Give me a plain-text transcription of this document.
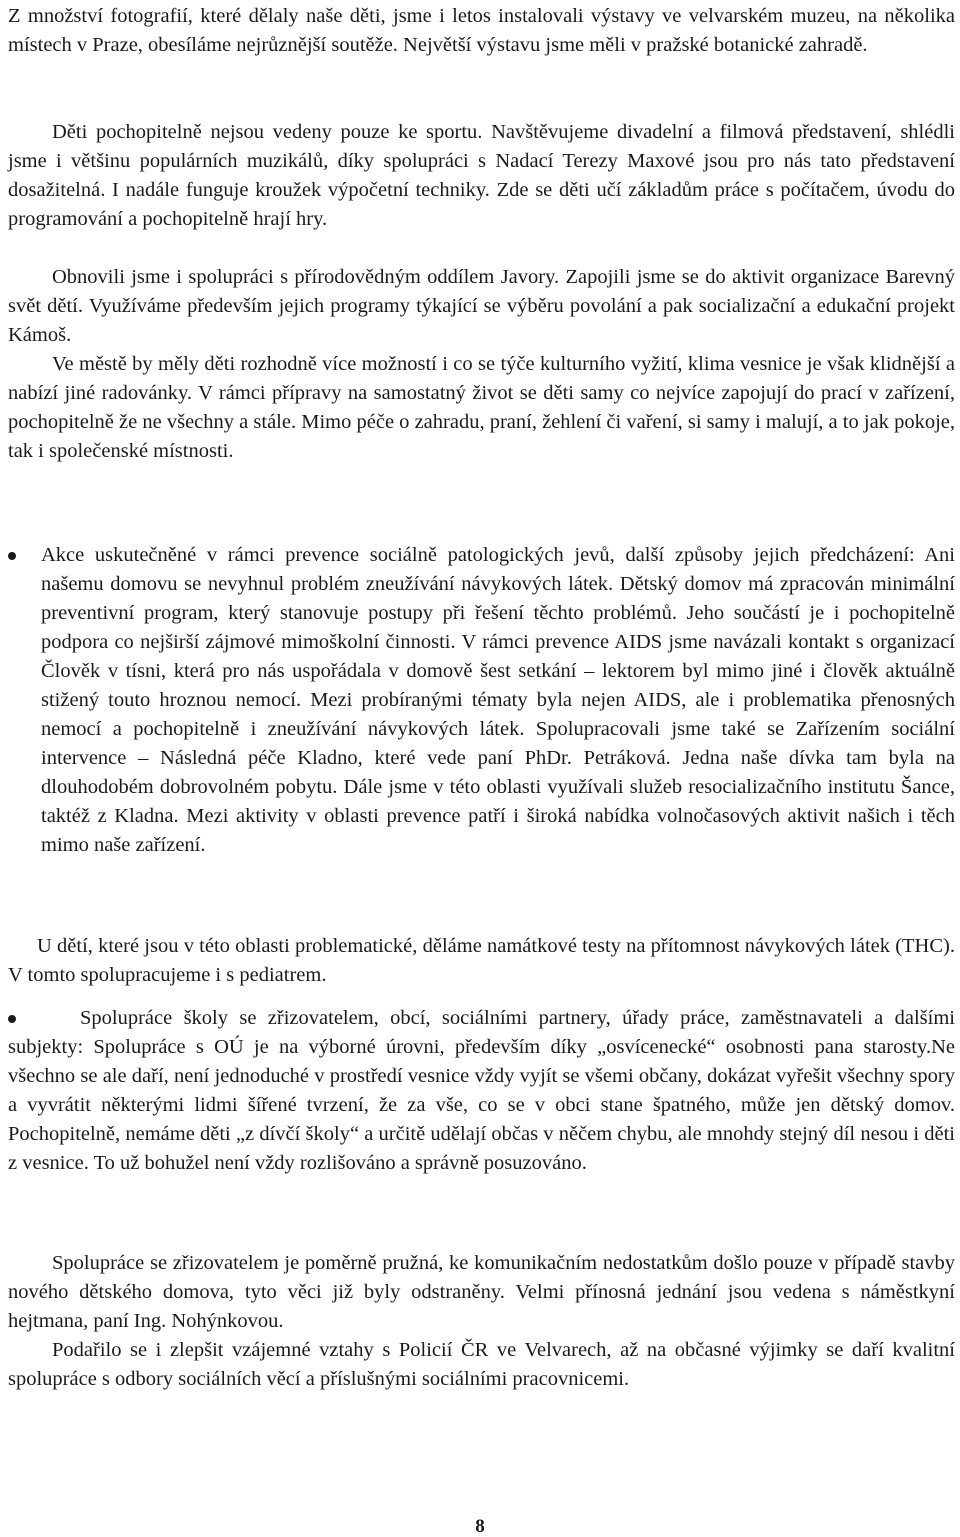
Z množství fotografií, které dělaly naše děti, jsme i letos instalovali výstavy ve velvarském muzeu, na několika místech v Praze, obesíláme nejrůznější soutěže. Největší výstavu jsme měli v pražské botanické zahradě.

Děti pochopitelně nejsou vedeny pouze ke sportu. Navštěvujeme divadelní a filmová představení, shlédli jsme i většinu populárních muzikálů, díky spolupráci s Nadací Terezy Maxové jsou pro nás tato představení dosažitelná. I nadále funguje kroužek výpočetní techniky. Zde se děti učí základům práce s počítačem, úvodu do programování a pochopitelně hrají hry.

Obnovili jsme i spolupráci s přírodovědným oddílem Javory. Zapojili jsme se do aktivit organizace Barevný svět dětí. Využíváme především jejich programy týkající se výběru povolání a pak socializační a edukační projekt Kámoš.

Ve městě by měly děti rozhodně více možností i co se týče kulturního vyžití, klima vesnice je však klidnější a nabízí jiné radovánky. V rámci přípravy na samostatný život se děti samy co nejvíce zapojují do prací v zařízení, pochopitelně že ne všechny a stále. Mimo péče o zahradu, praní, žehlení či vaření, si samy i malují, a to jak pokoje, tak i společenské místnosti.

Akce uskutečněné v rámci prevence sociálně patologických jevů, další způsoby jejich předcházení: Ani našemu domovu se nevyhnul problém zneužívání návykových látek. Dětský domov má zpracován minimální preventivní program, který stanovuje postupy při řešení těchto problémů. Jeho součástí je i pochopitelně podpora co nejširší zájmové mimoškolní činnosti. V rámci prevence AIDS jsme navázali kontakt s organizací Člověk v tísni, která pro nás uspořádala v domově šest setkání – lektorem byl mimo jiné i člověk aktuálně stižený touto hroznou nemocí. Mezi probíranými tématy byla nejen AIDS, ale i problematika přenosných nemocí a pochopitelně i zneužívání návykových látek. Spolupracovali jsme také se Zařízením sociální intervence – Následná péče Kladno, které vede paní PhDr. Petráková. Jedna naše dívka tam byla na dlouhodobém dobrovolném pobytu. Dále jsme v této oblasti využívali služeb resocializačního institutu Šance, taktéž z Kladna. Mezi aktivity v oblasti prevence patří i široká nabídka volnočasových aktivit našich i těch mimo naše zařízení.

U dětí, které jsou v této oblasti problematické, děláme namátkové testy na přítomnost návykových látek (THC). V tomto spolupracujeme i s pediatrem.

Spolupráce školy se zřizovatelem, obcí, sociálními partnery, úřady práce, zaměstnavateli a dalšími subjekty: Spolupráce s OÚ je na výborné úrovni, především díky „osvícenecké“ osobnosti pana starosty.Ne všechno se ale daří, není jednoduché v prostředí vesnice vždy vyjít se všemi občany, dokázat vyřešit všechny spory a vyvrátit některými lidmi šířené tvrzení, že za vše, co se v obci stane špatného, může jen dětský domov. Pochopitelně, nemáme děti „z dívčí školy“ a určitě udělají občas v něčem chybu, ale mnohdy stejný díl nesou i děti z vesnice. To už bohužel není vždy rozlišováno a správně posuzováno.

Spolupráce se zřizovatelem je poměrně pružná, ke komunikačním nedostatkům došlo pouze v případě stavby nového dětského domova, tyto věci již byly odstraněny. Velmi přínosná jednání jsou vedena s náměstkyní hejtmana, paní Ing. Nohýnkovou.

Podařilo se i zlepšit vzájemné vztahy s Policií ČR ve Velvarech, až na občasné výjimky se daří kvalitní spolupráce s odbory sociálních věcí a příslušnými sociálními pracovnicemi.

8
